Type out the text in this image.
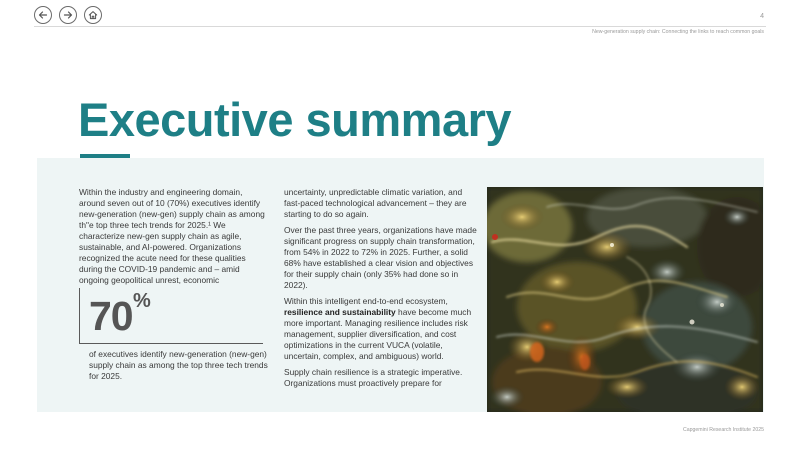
4
New-generation supply chain: Connecting the links to reach common goals
Executive summary

Within the industry and engineering domain, around seven out of 10 (70%) executives identify new-generation (new-gen) supply chain as among th"e top three tech trends for 2025.¹ We characterize new-gen supply chain as agile, sustainable, and AI-powered. Organizations recognized the acute need for these qualities during the COVID-19 pandemic and – amid ongoing geopolitical unrest, economic

70 %
of executives identify new-generation (new-gen) supply chain as among the top three tech trends for 2025.

uncertainty, unpredictable climatic variation, and fast-paced technological advancement – they are starting to do so again.

Over the past three years, organizations have made significant progress on supply chain transformation, from 54% in 2022 to 72% in 2025. Further, a solid 68% have established a clear vision and objectives for their supply chain (only 35% had done so in 2022).

Within this intelligent end-to-end ecosystem, resilience and sustainability have become much more important. Managing resilience includes risk management, supplier diversification, and cost optimizations in the current VUCA (volatile, uncertain, complex, and ambiguous) world.

Supply chain resilience is a strategic imperative. Organizations must proactively prepare for

Capgemini Research Institute 2025
